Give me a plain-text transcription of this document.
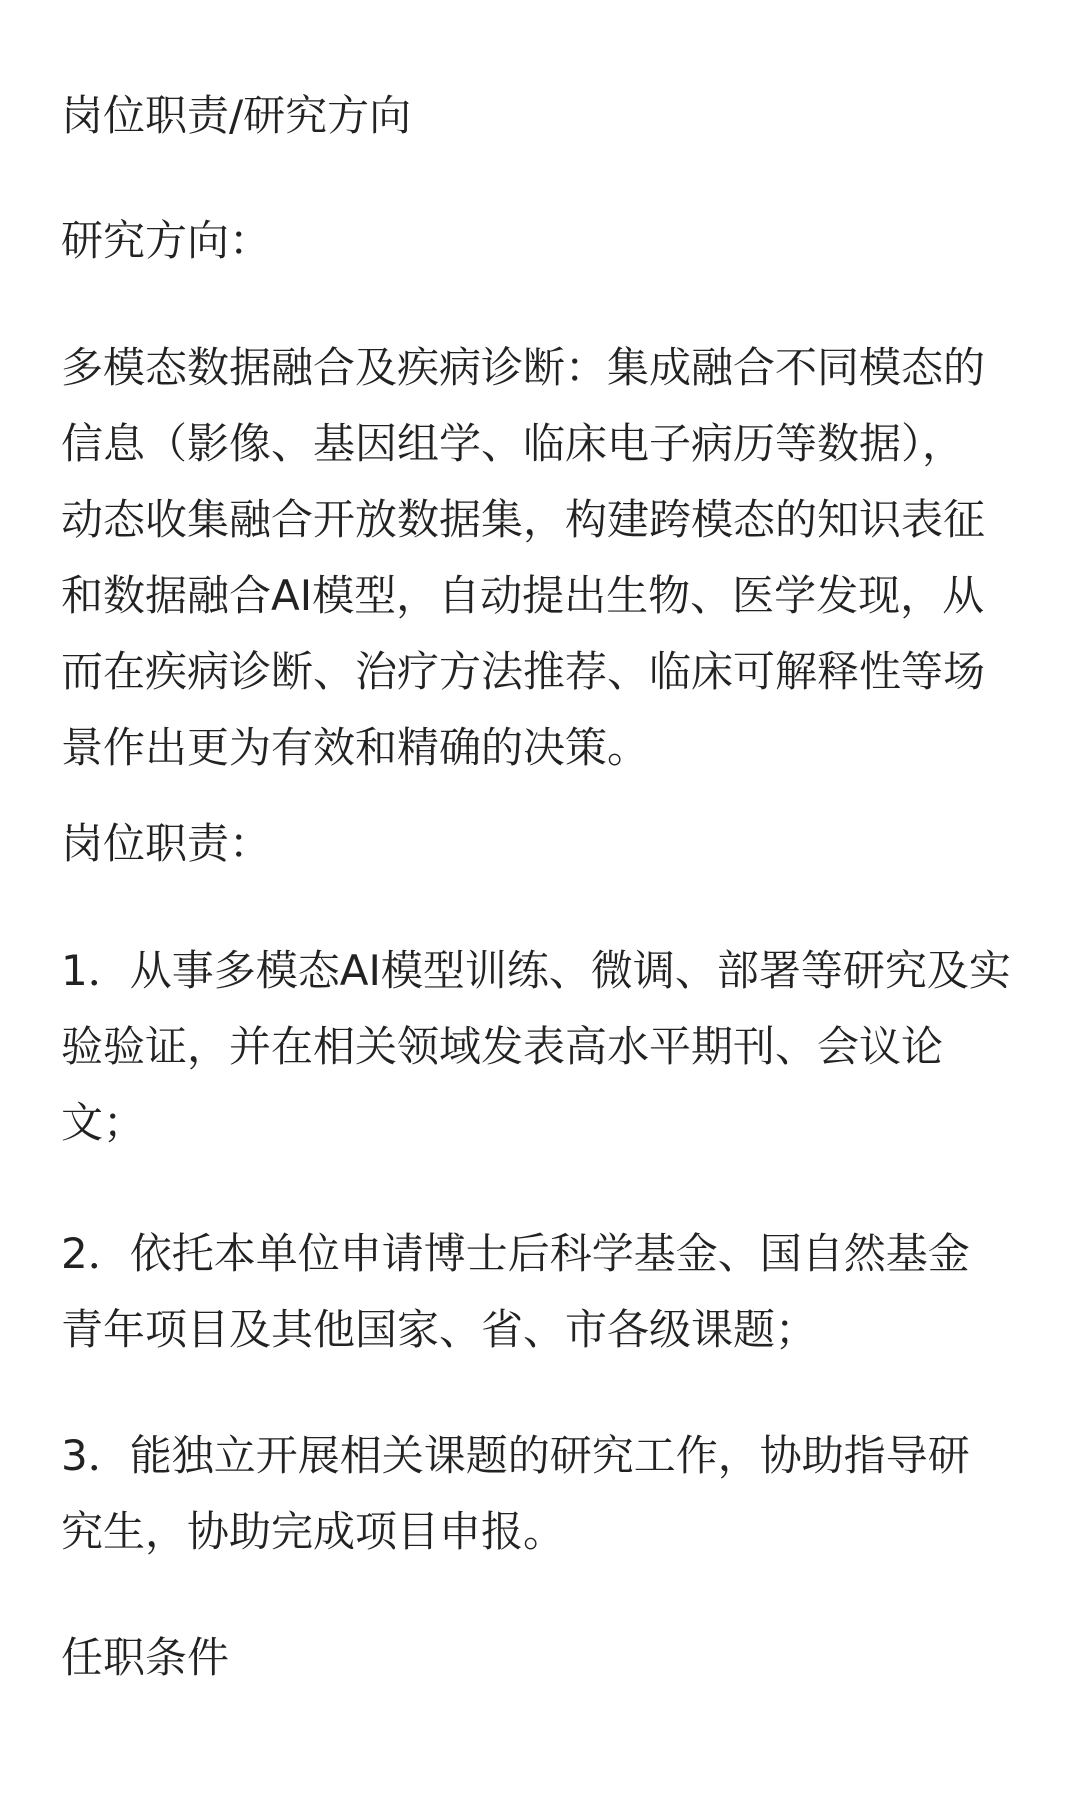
岗位职责/研究方向
研究方向：

多模态数据融合及疾病诊断：集成融合不同模态的
信息（影像、基因组学、临床电子病历等数据），
动态收集融合开放数据集，构建跨模态的知识表征
和数据融合AI模型，自动提出生物、医学发现，从
而在疾病诊断、治疗方法推荐、临床可解释性等场
景作出更为有效和精确的决策。

岗位职责：

1．从事多模态AI模型训练、微调、部署等研究及实
验验证，并在相关领域发表高水平期刊、会议论
文；

2．依托本单位申请博士后科学基金、国自然基金
青年项目及其他国家、省、市各级课题；

3．能独立开展相关课题的研究工作，协助指导研
究生，协助完成项目申报。

任职条件
